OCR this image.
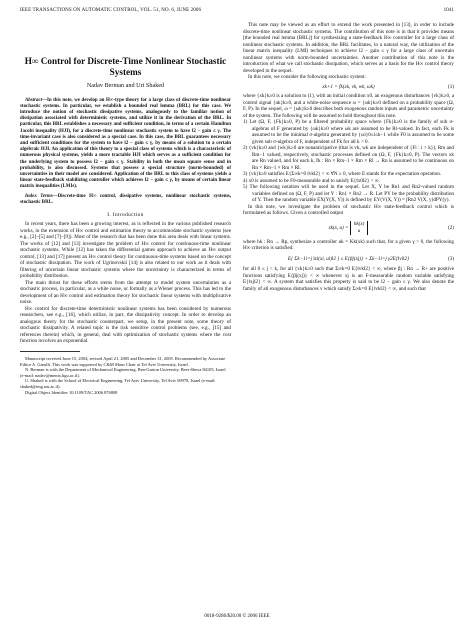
IEEE TRANSACTIONS ON AUTOMATIC CONTROL, VOL. 51, NO. 6, JUNE 2006	1041
H∞ Control for Discrete-Time Nonlinear Stochastic Systems
Nadav Berman and Uri Shaked
Abstract—In this note, we develop an H∞-type theory for a large class of discrete-time nonlinear stochastic systems. In particular, we establish a bounded real lemma (BRL) for this case. We introduce the notion of stochastic dissipative systems, analogously to the familiar notion of dissipation associated with deterministic systems, and utilize it in the derivation of the BRL. In particular, this BRL establishes a necessary and sufficient condition, in terms of a certain Hamilton Jacobi inequality (HJI), for a discrete-time nonlinear stochastic system to have l2 − gain ≤ γ. The time-invariant case is also considered as a special case. In this case, the BRL guarantees necessary and sufficient conditions for the system to have l2 − gain ≤ γ, by means of a solution to a certain algebraic HJI. An application of this theory to a special class of systems which is a characteristic of numerous physical systems, yields a more tractable HJI which serves as a sufficient condition for the underlying system to possess l2 − gain ≤ γ. Stability in both the mean square sense and in probability, is also discussed. Systems that possess a special structure (norm-bounded) of uncertainties in their model are considered. Application of the BRL to this class of systems yields a linear state-feedback stabilizing controller which achieves l2 − gain ≤ γ, by means of certain linear matrix inequalities (LMIs).
Index Terms—Discrete-time H∞ control, dissipative systems, nonlinear stochastic systems, stochastic BRL.
I. Introduction

In recent years, there has been a growing interest, as is reflected in the various published research works, in the extension of H∞ control and estimation theory to accommodate stochastic systems (see e.g., [2]–[5] and [7]–[9]). Most of the research that has been done this area deals with linear systems. The works of [12] and [13] investigate the problem of H∞ control for continuous-time nonlinear stochastic systems. While [12] has taken the differential games approach to achieve an H∞ output control, [13] and [17] present an H∞ control theory for continuous-time systems based on the concept of stochastic dissipation. The work of Ugrinovskii [14] is also related to our work as it deals with filtering of uncertain linear stochastic systems where the uncertainty is characterized in terms of probability distribution.

The main thrust for these efforts stems from the attempt to model system uncertainties as a stochastic process, in particular, as a white noise, or formally as a Wiener process. This has led to the development of an H∞ control and estimation theory for stochastic linear systems with multiplicative noise.

H∞ control for discrete-time deterministic nonlinear systems has been considered by numerous researchers, see e.g., [16], which utilize, in part, the dissipativity concept. In order to develop an analogous theory for the stochastic counterpart, we setup, in the present note, some theory of stochastic dissipativity. A related topic is the risk sensitive control problems (see, e.g., [15] and references therein) which, in general, deal with optimization of stochastic systems where the cost function involves an exponential.

Manuscript received June 15, 2004; revised April 21, 2005 and December 31, 2005. Recommended by Associate Editor A. Garulli. This work was supported by C&M Maus Chair at Tel Aviv University, Israel.

N. Berman is with the Department of Mechanical Engineering, Ben-Gurion University, Beer-Sheva 84105, Israel (e-mail: nadav@menix.bgu.ac.il).

U. Shaked is with the School of Electrical Engineering, Tel Aviv University, Tel Aviv 69978, Israel (e-mail: shaked@eng.tau.ac.il).

Digital Object Identifier 10.1109/TAC.2006.876808

This note may be viewed as an effort to extend the work presented in [13], in order to include discrete-time nonlinear stochastic systems. The contribution of this note is in that it provides means [the bounded real lemma (BRL)] for synthesizing a state-feedback H∞ controller for a large class of nonlinear stochastic systems. In addition, the BRL facilitates, in a natural way, the utilization of the linear matrix inequality (LMI) techniques to achieve l2 − gain ≤ γ for a large class of uncertain nonlinear systems with norm-bounded uncertainties. Another contribution of this note is the introduction of what we call stochastic dissipation, which serves as a basis for the H∞ control theory developed in the sequel.

In this note, we consider the following stochastic system:

xk+1 = fk(xk, vk, wk, ωk)	(1)

where {xk}k≥0 is a solution to (1), with an initial condition x0, an exogenous disturbances {vk}k≥0, a control signal {uk}k≥0, and a white-noise sequence ω = {ωk}k≥0 defined on a probability space (Ω, F, P). In the sequel, ω = {ωk}k≥0 describes both exogenous random inputs and parametric uncertainty of the system. The following will be assumed to hold throughout this note.

1) Let (Ω, F, {Fk}k≥0, P) be a filtered probability space where {Fk}k≥0 is the family of sub σ-algebras of F generated by {ωk}k≥0 where ωk are assumed to be Rl-valued. In fact, each Fk is assumed to be the minimal σ-algebra generated by {ωi}0≤i≤k−1 while F0 is assumed to be some given sub σ-algebra of F, independent of Fk for all k > 0.

2) {vk}k≥0 and {wk}k≥0 are nonanticipative (that is vk, wk are independent of {Fi : i > k}), Rm and Rm−1 valued, respectively, stochastic processes defined on (Ω, F, {Fk}k≥0, P). The vectors xk are Rn valued, and for each k, fk : Rn × Rm−1 × Rm × Rl → Rn is assumed to be continuous on Rn × Rm−1 × Rm × Rl.

3) {vk}k≥0 satisfies E{Σ∞k=0 ‖vk‖2} < ∞ ∀N ≥ 0, where E stands for the expectation operation.

4) x0 is assumed to be F0-measurable and to satisfy E{‖x0‖2} < ∞.

5) The following notation will be used in the sequel. Let X, Y be Rn1 and Rn2-valued random variables defined on (Ω, F, P) and let Y : Rn1 × Rn2 → R. Let PY be the probability distribution of Y. Then the random variable EX(Y(X, Y)) is defined by EY(V(X, Y)) = ∫Rn2 V(X, y)dPY(y).

In this note, we investigate the problem of stochastic H∞ state-feedback control which is formulated as follows. Given a controlled output

zk(x, u) = hk(x)
u	(2)

where hk : Rn → Rp, synthesize a controller uk = Kk(xk) such that, for a given γ > 0, the following H∞ criterion is satisfied:

E{ Σk−1i=j ‖zi(xi, ui)‖2 } ≤ E{βj(xj)} + Σk−1i=j γ2E{‖vi‖2}	(3)

for all 0 ≤ j < k, for all {vk}k≥0 such that Σ∞k=0 E{‖vk‖2} < ∞, where βj : Rn → R+ are positive functions satisfying E{βj(xj)} < ∞ whenever xj is an F-measurable random variable satisfying E{‖xj‖2} < ∞. A system that satisfies this property is said to be l2 − gain ≤ γ. We also denote the family of all exogenous disturbances v which satisfy Σ∞k=0 E{‖vk‖2} < ∞, and such that

0018-9286/$20.00 © 2006 IEEE
